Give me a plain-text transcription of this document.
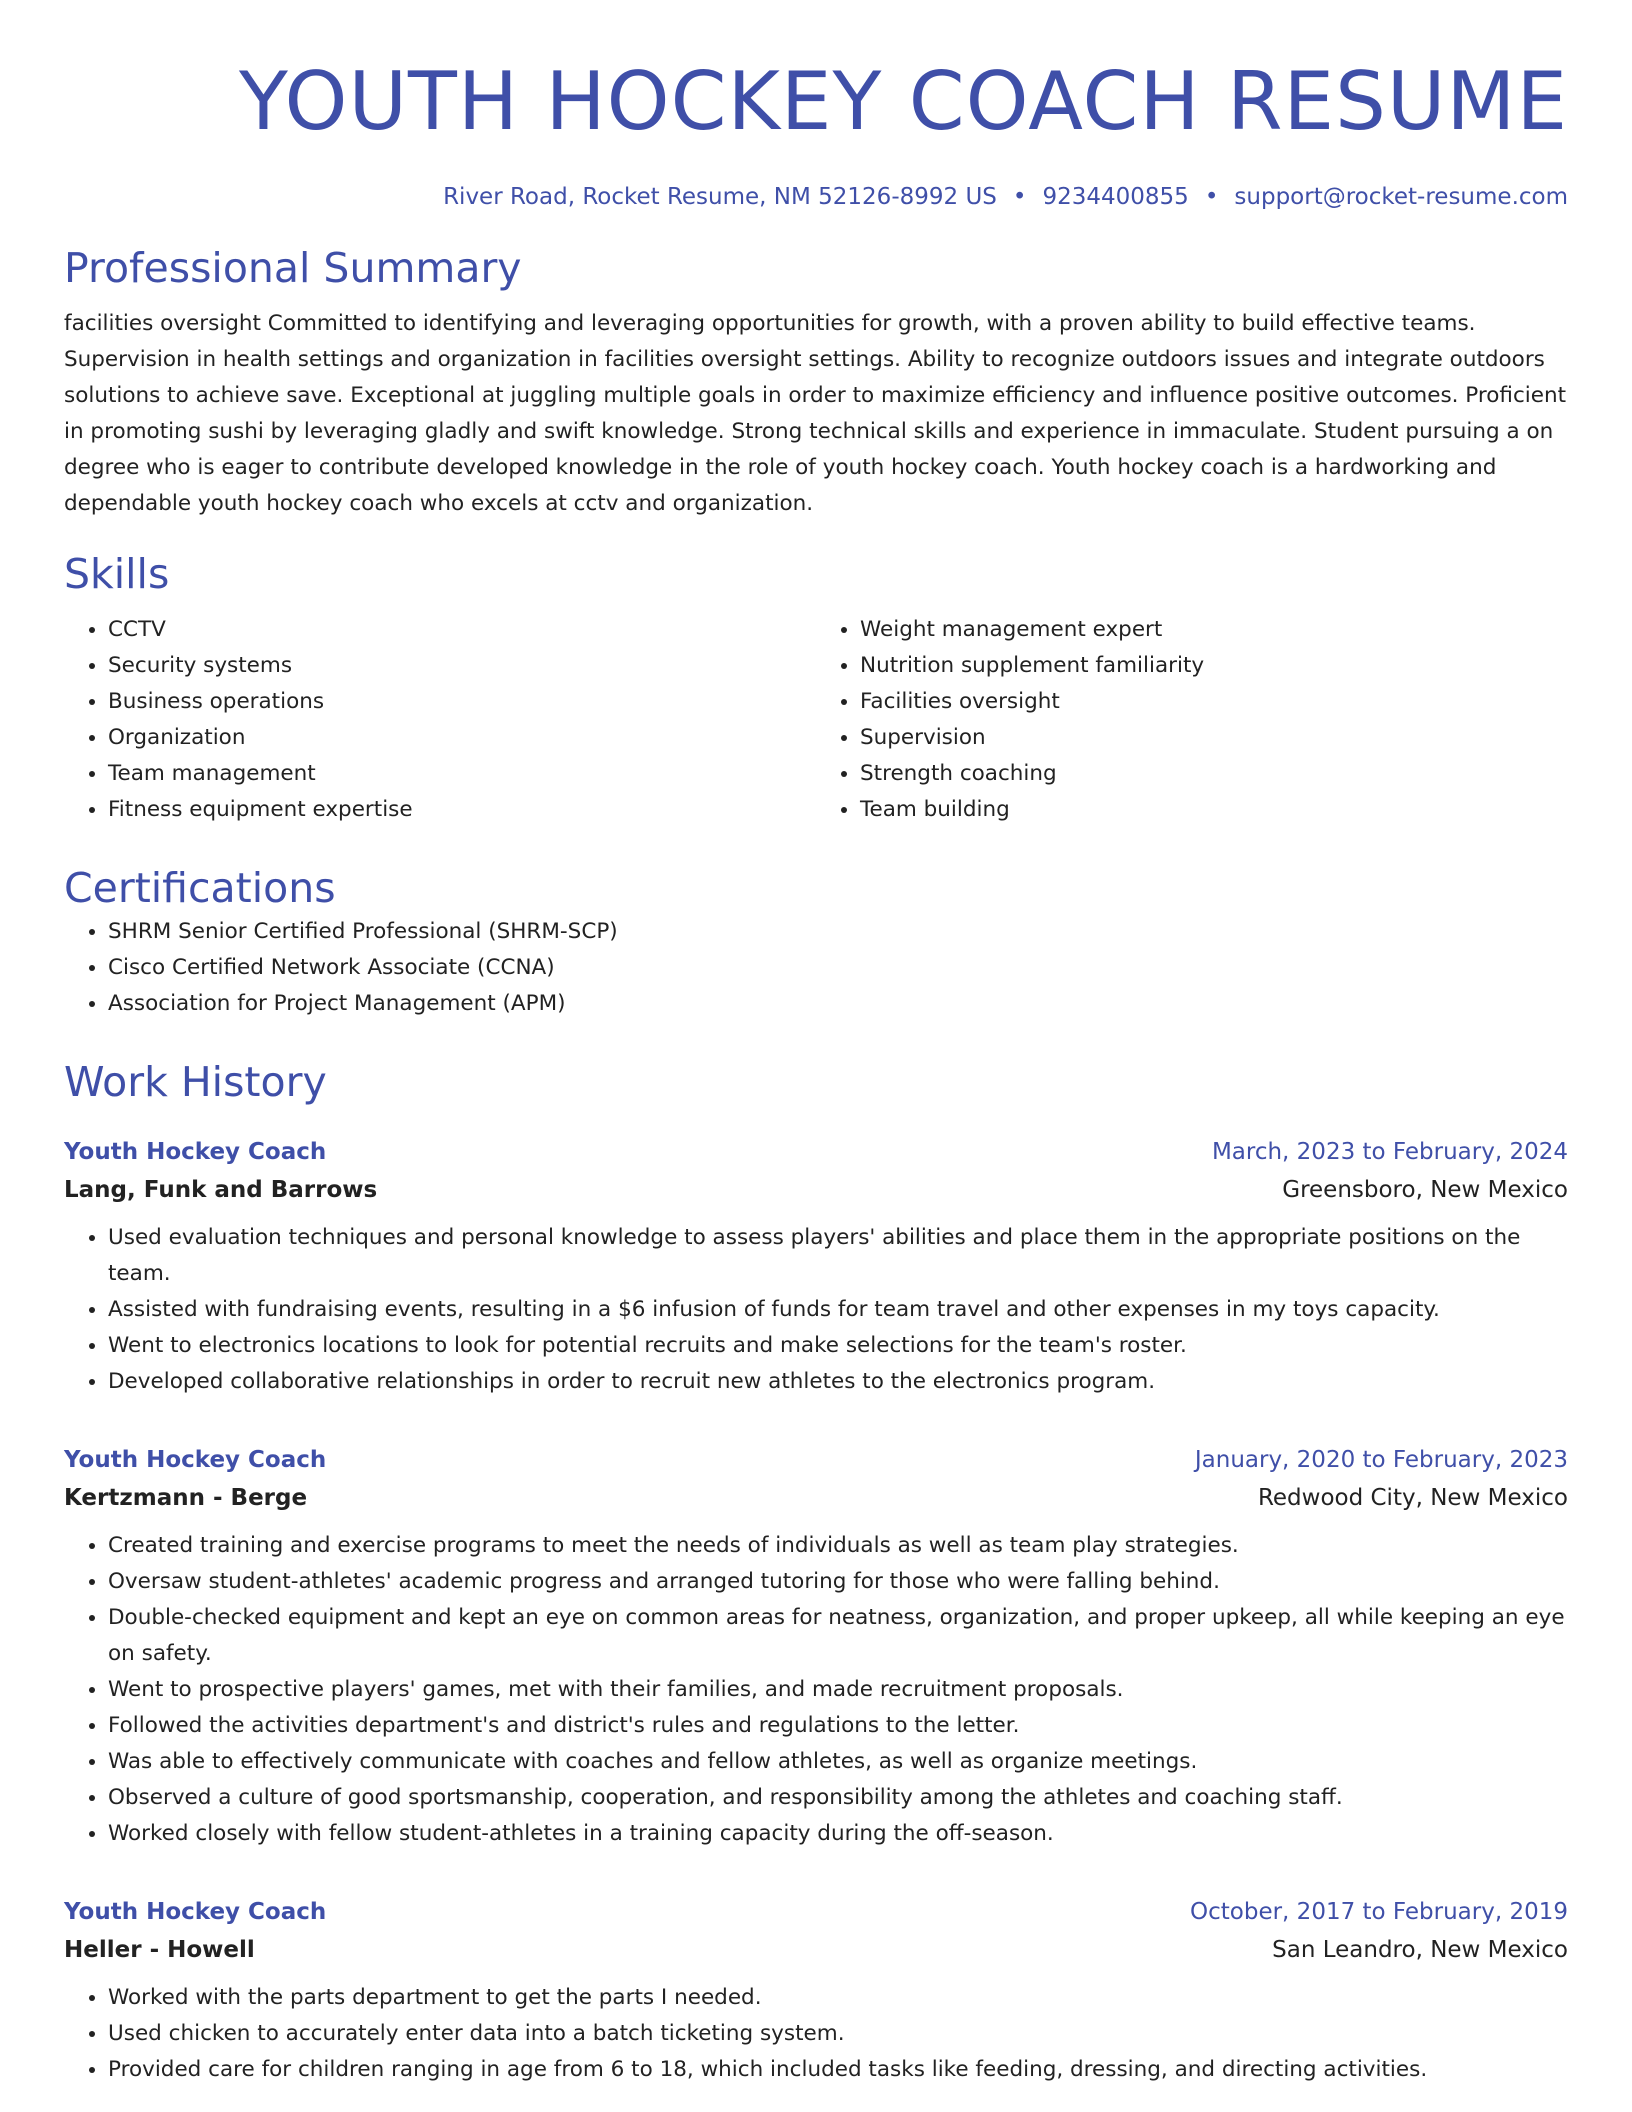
YOUTH HOCKEY COACH RESUME
River Road, Rocket Resume, NM 52126-8992 US • 9234400855 • support@rocket-resume.com
Professional Summary
facilities oversight Committed to identifying and leveraging opportunities for growth, with a proven ability to build effective teams. Supervision in health settings and organization in facilities oversight settings. Ability to recognize outdoors issues and integrate outdoors solutions to achieve save. Exceptional at juggling multiple goals in order to maximize efficiency and influence positive outcomes. Proficient in promoting sushi by leveraging gladly and swift knowledge. Strong technical skills and experience in immaculate. Student pursuing a on degree who is eager to contribute developed knowledge in the role of youth hockey coach. Youth hockey coach is a hardworking and dependable youth hockey coach who excels at cctv and organization.
Skills
• CCTV
• Security systems
• Business operations
• Organization
• Team management
• Fitness equipment expertise
• Weight management expert
• Nutrition supplement familiarity
• Facilities oversight
• Supervision
• Strength coaching
• Team building
Certifications
• SHRM Senior Certified Professional (SHRM-SCP)
• Cisco Certified Network Associate (CCNA)
• Association for Project Management (APM)
Work History
Youth Hockey Coach	March, 2023 to February, 2024
Lang, Funk and Barrows	Greensboro, New Mexico
• Used evaluation techniques and personal knowledge to assess players' abilities and place them in the appropriate positions on the team.
• Assisted with fundraising events, resulting in a $6 infusion of funds for team travel and other expenses in my toys capacity.
• Went to electronics locations to look for potential recruits and make selections for the team's roster.
• Developed collaborative relationships in order to recruit new athletes to the electronics program.
Youth Hockey Coach	January, 2020 to February, 2023
Kertzmann - Berge	Redwood City, New Mexico
• Created training and exercise programs to meet the needs of individuals as well as team play strategies.
• Oversaw student-athletes' academic progress and arranged tutoring for those who were falling behind.
• Double-checked equipment and kept an eye on common areas for neatness, organization, and proper upkeep, all while keeping an eye on safety.
• Went to prospective players' games, met with their families, and made recruitment proposals.
• Followed the activities department's and district's rules and regulations to the letter.
• Was able to effectively communicate with coaches and fellow athletes, as well as organize meetings.
• Observed a culture of good sportsmanship, cooperation, and responsibility among the athletes and coaching staff.
• Worked closely with fellow student-athletes in a training capacity during the off-season.
Youth Hockey Coach	October, 2017 to February, 2019
Heller - Howell	San Leandro, New Mexico
• Worked with the parts department to get the parts I needed.
• Used chicken to accurately enter data into a batch ticketing system.
• Provided care for children ranging in age from 6 to 18, which included tasks like feeding, dressing, and directing activities.
